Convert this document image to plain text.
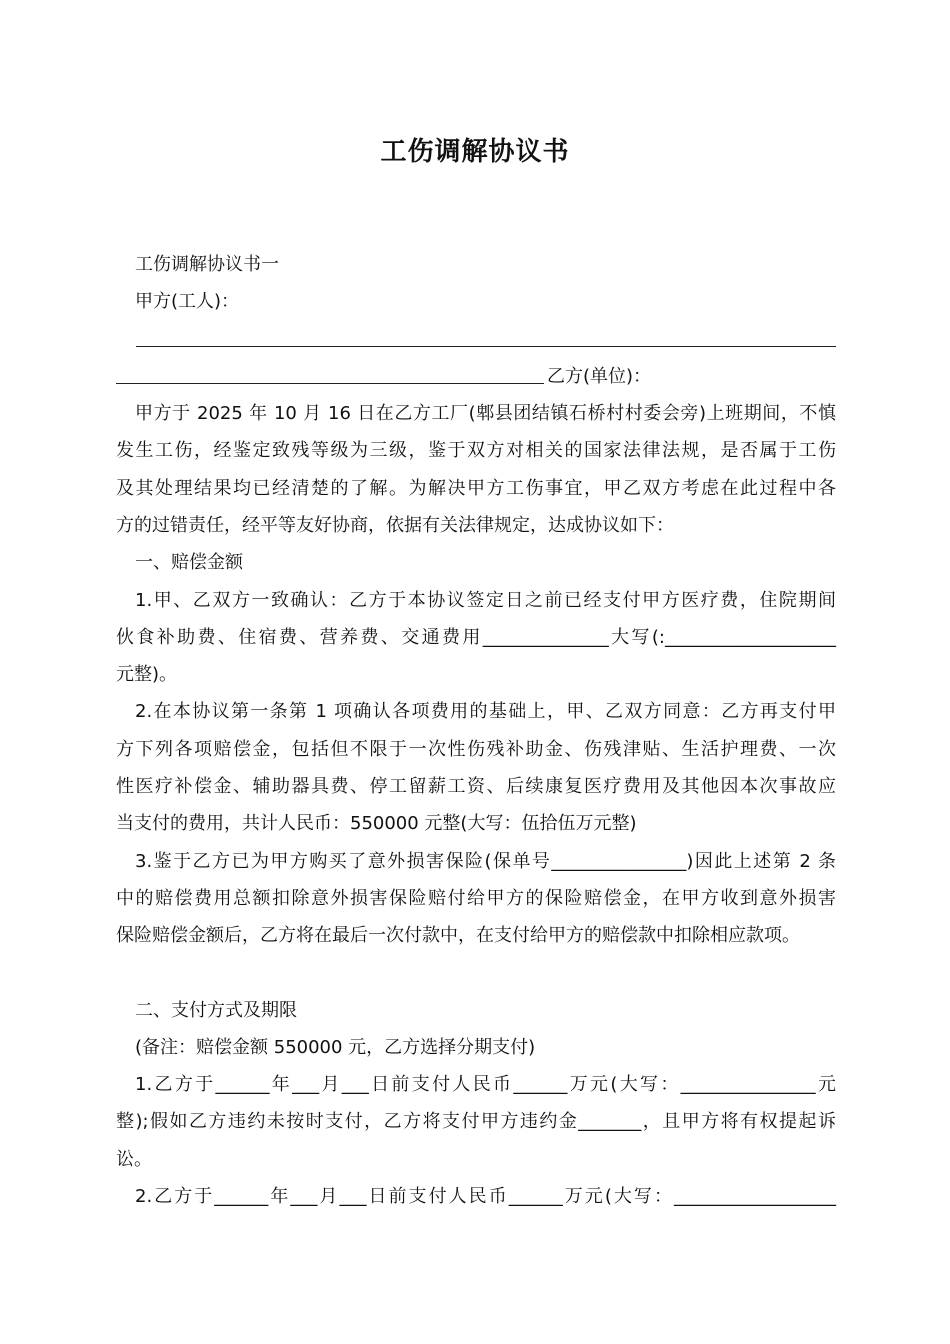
工伤调解协议书
工伤调解协议书一
甲方(工人)：
乙方(单位)：
甲方于 2025 年 10 月 16 日在乙方工厂(郫县团结镇石桥村村委会旁)上班期间，不慎
发生工伤，经鉴定致残等级为三级，鉴于双方对相关的国家法律法规，是否属于工伤
及其处理结果均已经清楚的了解。为解决甲方工伤事宜，甲乙双方考虑在此过程中各
方的过错责任，经平等友好协商，依据有关法律规定，达成协议如下：
一、赔偿金额
1.甲、乙双方一致确认：乙方于本协议签定日之前已经支付甲方医疗费，住院期间
伙食补助费、住宿费、营养费、交通费用______________大写(:___________________
元整)。
2.在本协议第一条第 1 项确认各项费用的基础上，甲、乙双方同意：乙方再支付甲
方下列各项赔偿金，包括但不限于一次性伤残补助金、伤残津贴、生活护理费、一次
性医疗补偿金、辅助器具费、停工留薪工资、后续康复医疗费用及其他因本次事故应
当支付的费用，共计人民币：550000 元整(大写：伍拾伍万元整)
3.鉴于乙方已为甲方购买了意外损害保险(保单号_______________)因此上述第 2 条
中的赔偿费用总额扣除意外损害保险赔付给甲方的保险赔偿金，在甲方收到意外损害
保险赔偿金额后，乙方将在最后一次付款中，在支付给甲方的赔偿款中扣除相应款项。
二、支付方式及期限
(备注：赔偿金额 550000 元，乙方选择分期支付)
1.乙方于______年___月___日前支付人民币______万元(大写：_______________元
整);假如乙方违约未按时支付，乙方将支付甲方违约金_______，且甲方将有权提起诉
讼。
2.乙方于______年___月___日前支付人民币______万元(大写：__________________
